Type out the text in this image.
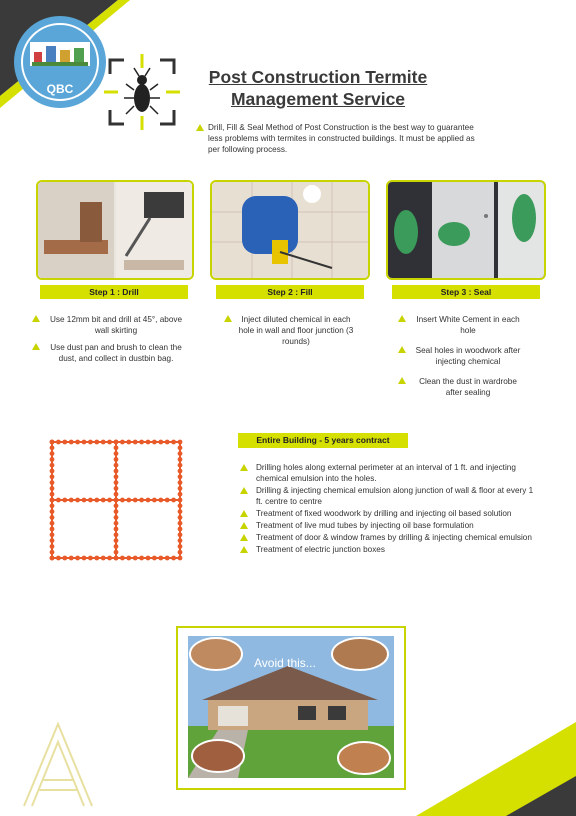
QBC
Post Construction Termite
Management Service

Drill, Fill & Seal Method of Post Construction is the best way to guarantee less problems with termites in constructed buildings. It must be applied as per following process.

Step 1 : Drill	Step 2 : Fill	Step 3 : Seal
Use 12mm bit and drill at 45°, above wall skirting
Use dust pan and brush to clean the dust, and collect in dustbin bag.
Inject diluted chemical in each hole in wall and floor junction (3 rounds)
Insert White Cement in each hole
Seal holes in woodwork after injecting chemical
Clean the dust in wardrobe after sealing
Entire Building - 5 years contract
Drilling holes along external perimeter at an interval of 1 ft. and injecting chemical emulsion into the holes.
Drilling & injecting chemical emulsion along junction of wall & floor at every 1 ft. centre to centre
Treatment of fixed woodwork by drilling and injecting oil based solution
Treatment of live mud tubes by injecting oil base formulation
Treatment of door & window frames by drilling & injecting chemical emulsion
Treatment of electric junction boxes
Avoid this...
